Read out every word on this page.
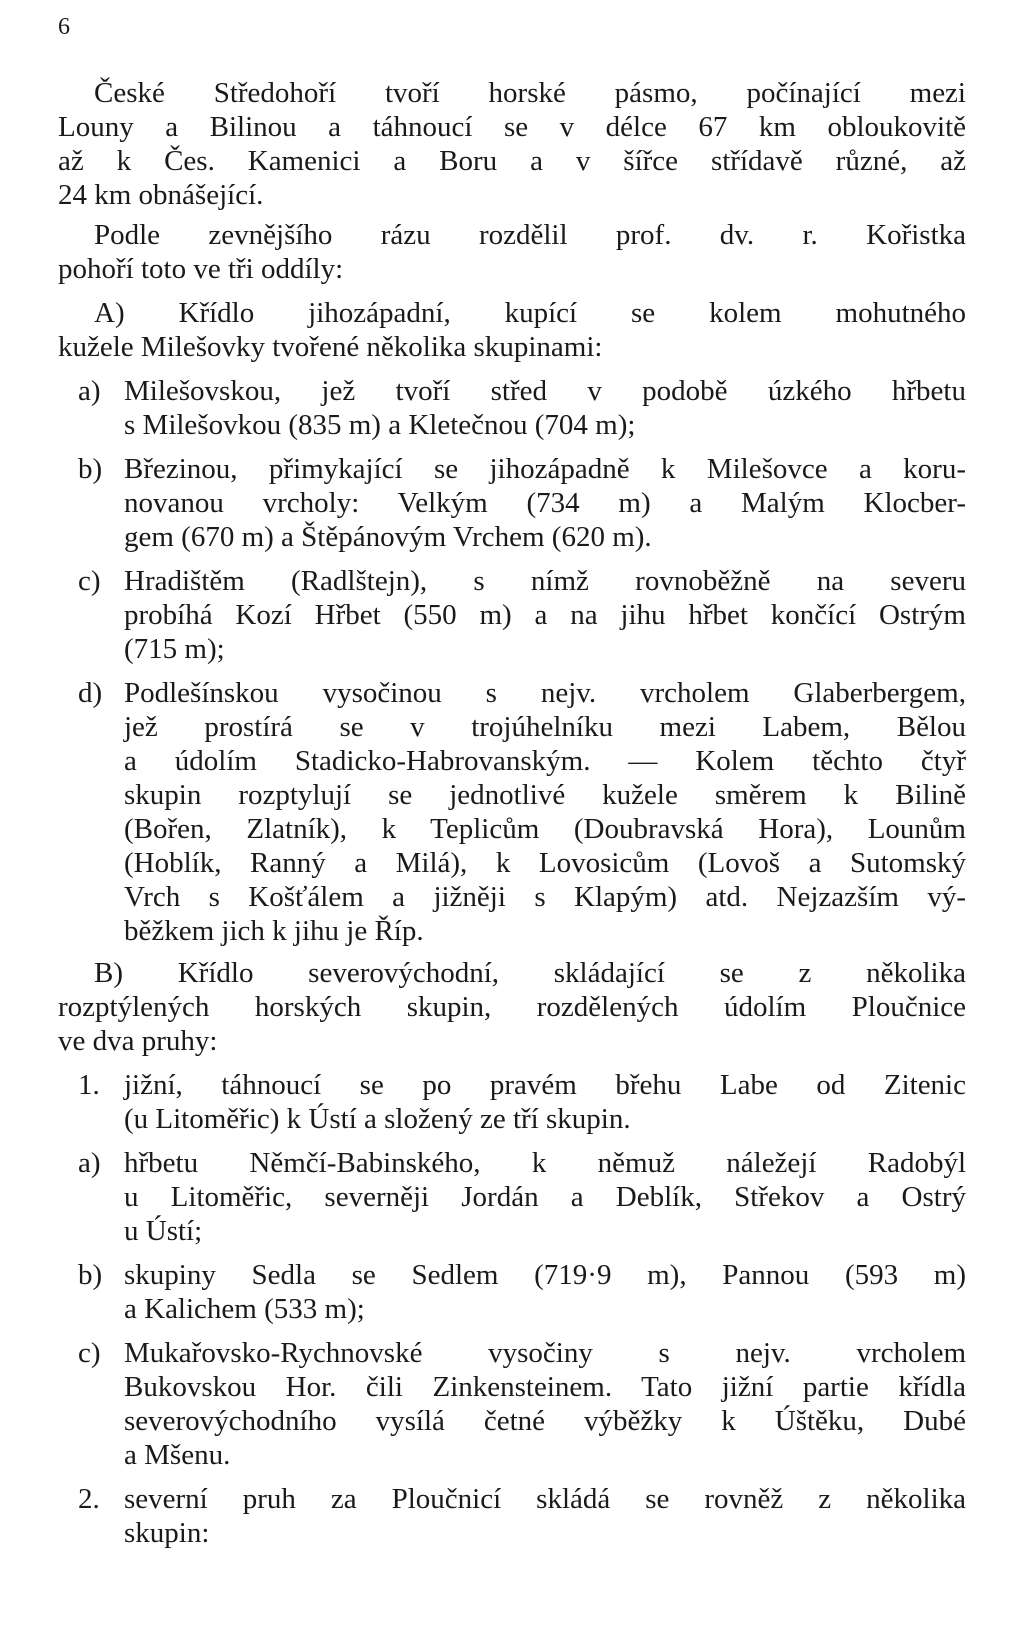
6
České Středohoří tvoří horské pásmo, počínající mezi
Louny a Bilinou a táhnoucí se v délce 67 km obloukovitě
až k Čes. Kamenici a Boru a v šířce střídavě různé, až
24 km obnášející.
Podle zevnějšího rázu rozdělil prof. dv. r. Kořistka
pohoří toto ve tři oddíly:
A) Křídlo jihozápadní, kupící se kolem mohutného
kužele Milešovky tvořené několika skupinami:
a) Milešovskou, jež tvoří střed v podobě úzkého hřbetu
s Milešovkou (835 m) a Kletečnou (704 m);
b) Březinou, přimykající se jihozápadně k Milešovce a koru-
novanou vrcholy: Velkým (734 m) a Malým Klocber-
gem (670 m) a Štěpánovým Vrchem (620 m).
c) Hradištěm (Radlštejn), s nímž rovnoběžně na severu
probíhá Kozí Hřbet (550 m) a na jihu hřbet končící Ostrým
(715 m);
d) Podlešínskou vysočinou s nejv. vrcholem Glaberbergem,
jež prostírá se v trojúhelníku mezi Labem, Bělou
a údolím Stadicko-Habrovanským. — Kolem těchto čtyř
skupin rozptylují se jednotlivé kužele směrem k Bilině
(Bořen, Zlatník), k Teplicům (Doubravská Hora), Lounům
(Hoblík, Ranný a Milá), k Lovosicům (Lovoš a Sutomský
Vrch s Košťálem a jižněji s Klapým) atd. Nejzazším vý-
běžkem jich k jihu je Říp.
B) Křídlo severovýchodní, skládající se z několika
rozptýlených horských skupin, rozdělených údolím Ploučnice
ve dva pruhy:
1. jižní, táhnoucí se po pravém břehu Labe od Zitenic
(u Litoměřic) k Ústí a složený ze tří skupin.
a) hřbetu Němčí-Babinského, k němuž náležejí Radobýl
u Litoměřic, severněji Jordán a Deblík, Střekov a Ostrý
u Ústí;
b) skupiny Sedla se Sedlem (719·9 m), Pannou (593 m)
a Kalichem (533 m);
c) Mukařovsko-Rychnovské vysočiny s nejv. vrcholem
Bukovskou Hor. čili Zinkensteinem. Tato jižní partie křídla
severovýchodního vysílá četné výběžky k Úštěku, Dubé
a Mšenu.
2. severní pruh za Ploučnicí skládá se rovněž z několika
skupin:
